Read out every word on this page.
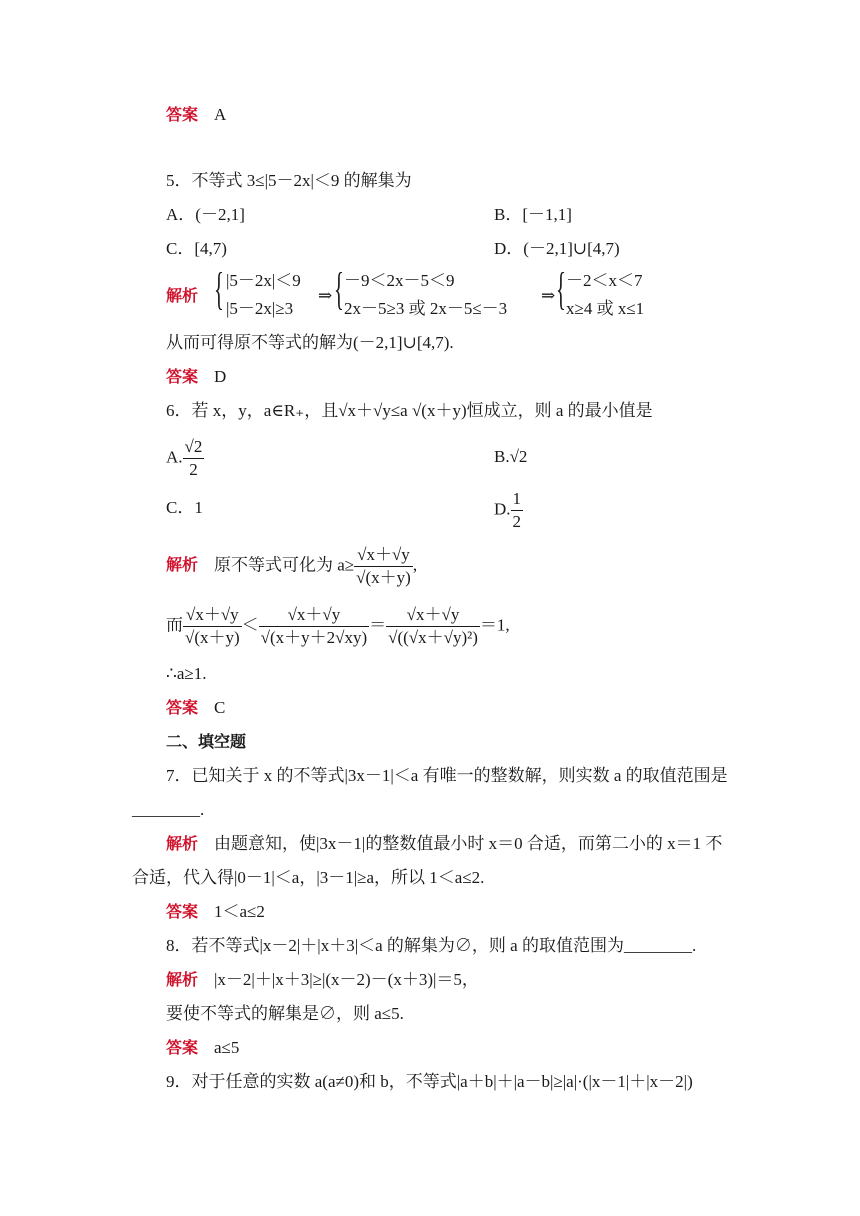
答案 A
5．不等式 3≤|5－2x|＜9 的解集为
A．(－2,1]	B．[－1,1]
C．[4,7)	D．(－2,1]∪[4,7)
解析 { |5－2x|＜9
|5－2x|≥3
⇒ { －9＜2x－5＜9
2x－5≥3 或 2x－5≤－3
⇒ { －2＜x＜7
x≥4 或 x≤1
从而可得原不等式的解为(－2,1]∪[4,7).
答案 D
6．若 x，y，a∈R₊，且√x＋√y≤a √(x＋y)恒成立，则 a 的最小值是
A. $\frac{√2}{2}$	B.√2
C．1	D. $\frac{1}{2}$
解析 原不等式可化为 $a\ge \frac{√x+√y}{√(x+y)}$ ,
而 $\frac{√x+√y}{√(x+y)} < \frac{√x+√y}{√(x+y+2√xy)} = \frac{√x+√y}{\text{√((√x＋√y)²)}} =1$,
∴a≥1.
答案 C
二、填空题
7．已知关于 x 的不等式|3x－1|＜a 有唯一的整数解，则实数 a 的取值范围是
________.
解析 由题意知，使|3x－1|的整数值最小时 x＝0 合适，而第二小的 x＝1 不
合适，代入得|0－1|＜a，|3－1|≥a，所以 1＜a≤2.
答案 1＜a≤2
8．若不等式|x－2|＋|x＋3|＜a 的解集为∅，则 a 的取值范围为________.
解析 |x－2|＋|x＋3|≥|(x－2)－(x＋3)|＝5，
要使不等式的解集是∅，则 a≤5.
答案 a≤5
9．对于任意的实数 a(a≠0)和 b，不等式|a＋b|＋|a－b|≥|a|·(|x－1|＋|x－2|)
